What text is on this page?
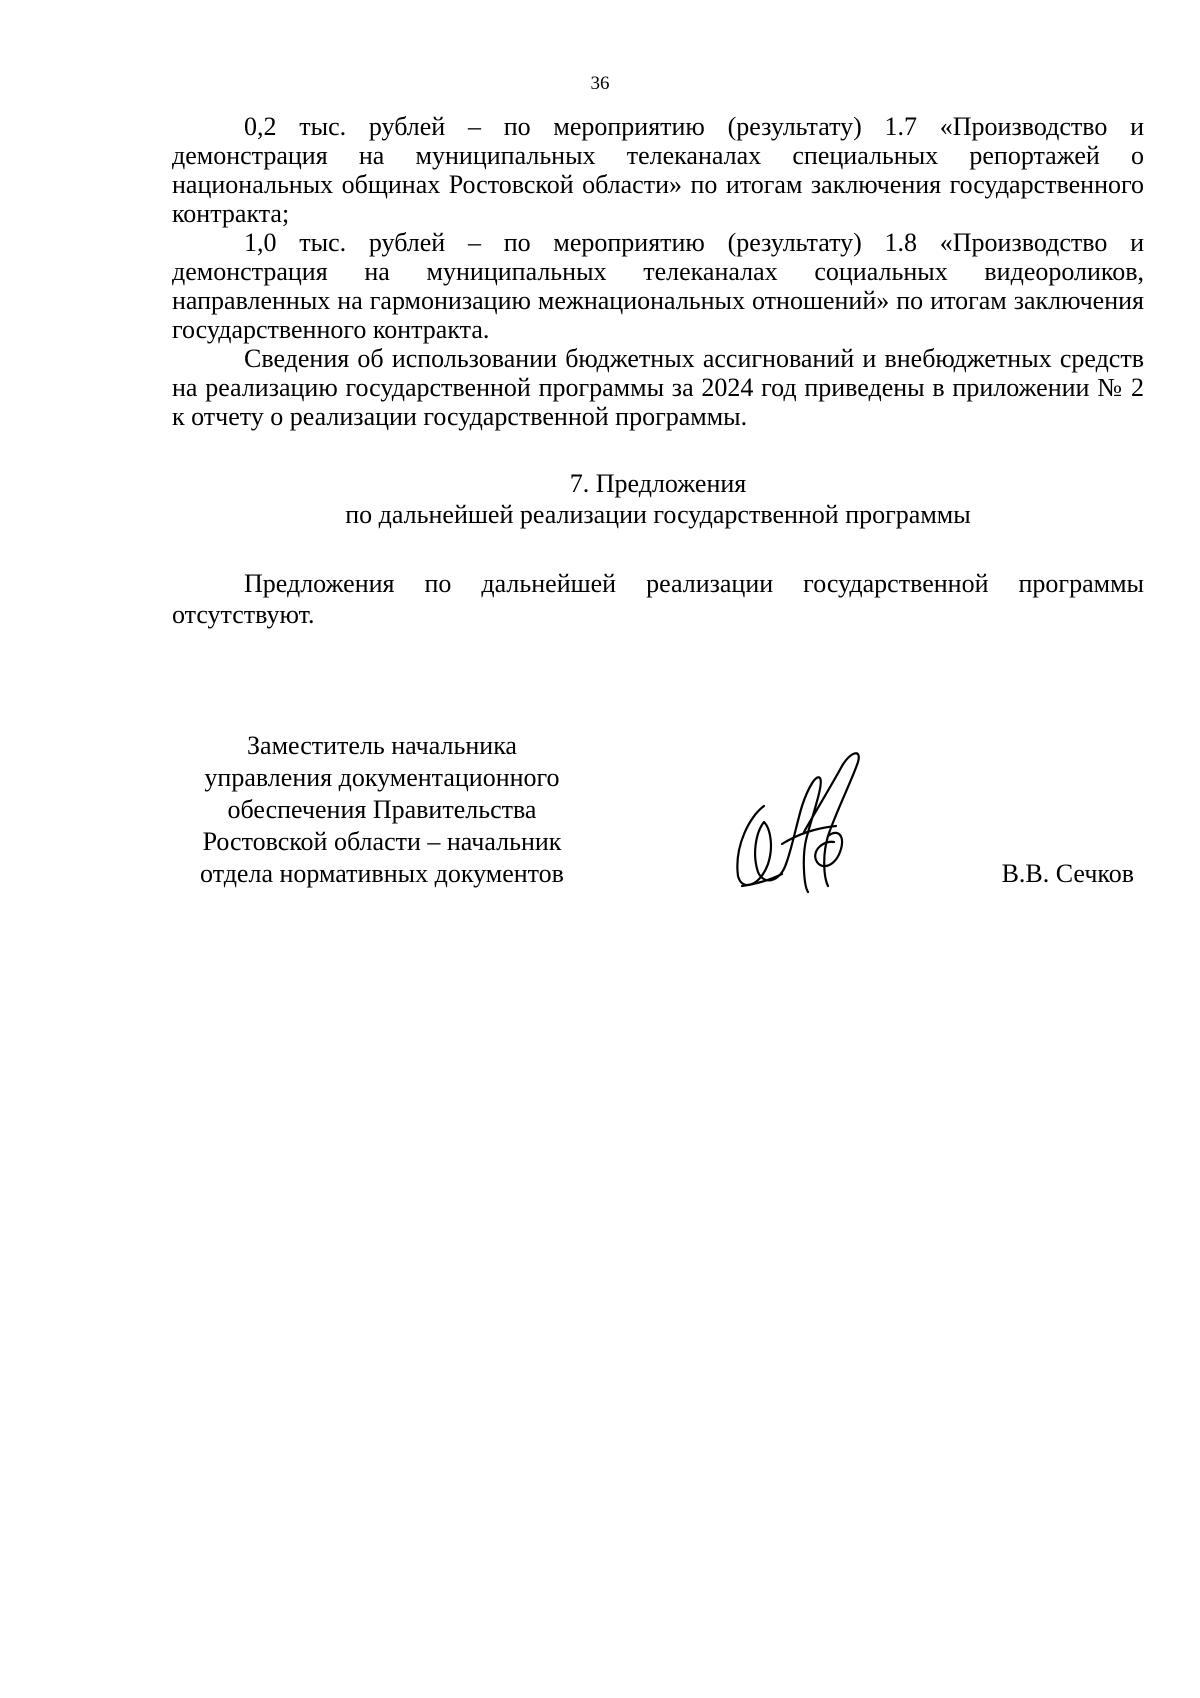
36

0,2 тыс. рублей – по мероприятию (результату) 1.7 «Производство и демонстрация на муниципальных телеканалах специальных репортажей о национальных общинах Ростовской области» по итогам заключения государственного контракта;

1,0 тыс. рублей – по мероприятию (результату) 1.8 «Производство и демонстрация на муниципальных телеканалах социальных видеороликов, направленных на гармонизацию межнациональных отношений» по итогам заключения государственного контракта.

Сведения об использовании бюджетных ассигнований и внебюджетных средств на реализацию государственной программы за 2024 год приведены в приложении № 2 к отчету о реализации государственной программы.

7. Предложения
по дальнейшей реализации государственной программы

Предложения по дальнейшей реализации государственной программы отсутствуют.

Заместитель начальника
управления документационного
обеспечения Правительства
Ростовской области – начальник
отдела нормативных документов	В.В. Сечков
